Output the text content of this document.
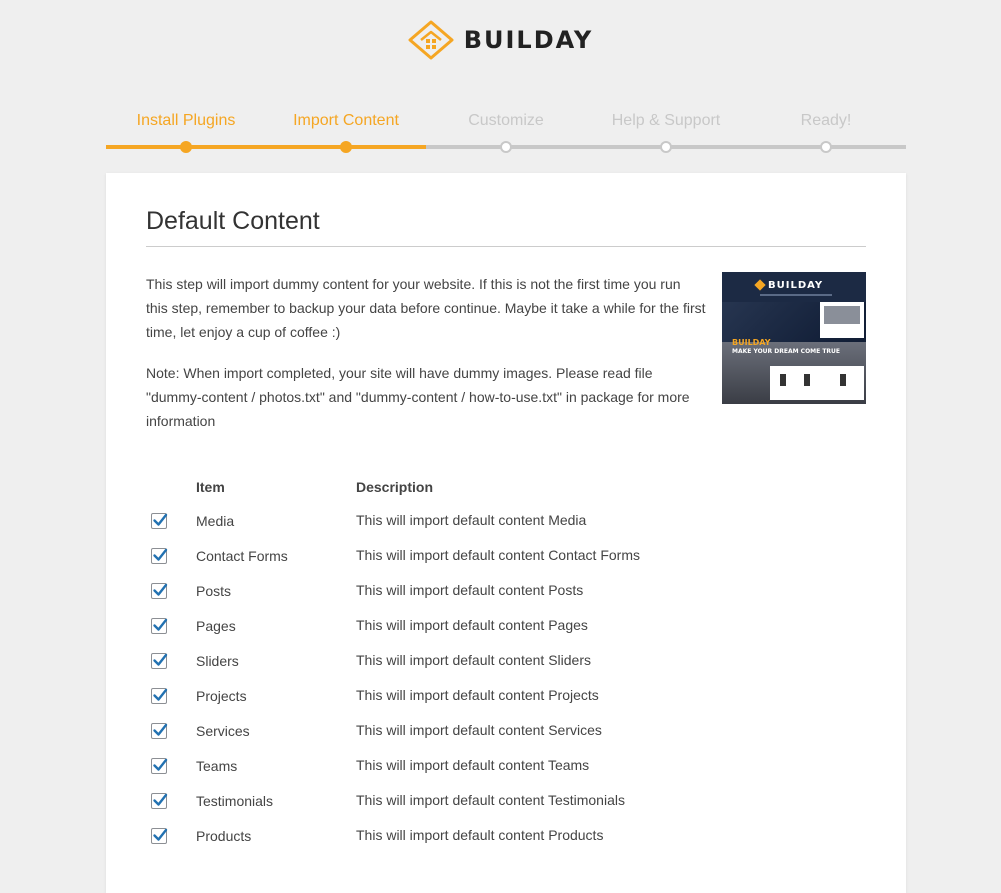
BUILDAY
Install Plugins	Import Content	Customize	Help & Support	Ready!
Default Content

This step will import dummy content for your website. If this is not the first time you run this step, remember to backup your data before continue. Maybe it take a while for the first time, let enjoy a cup of coffee :)

Note: When import completed, your site will have dummy images. Please read file "dummy-content / photos.txt" and "dummy-content / how-to-use.txt" in package for more information

BUILDAY
BUILDAY
MAKE YOUR DREAM COME TRUE
Item	Description
Media	This will import default content Media
Contact Forms	This will import default content Contact Forms
Posts	This will import default content Posts
Pages	This will import default content Pages
Sliders	This will import default content Sliders
Projects	This will import default content Projects
Services	This will import default content Services
Teams	This will import default content Teams
Testimonials	This will import default content Testimonials
Products	This will import default content Products
